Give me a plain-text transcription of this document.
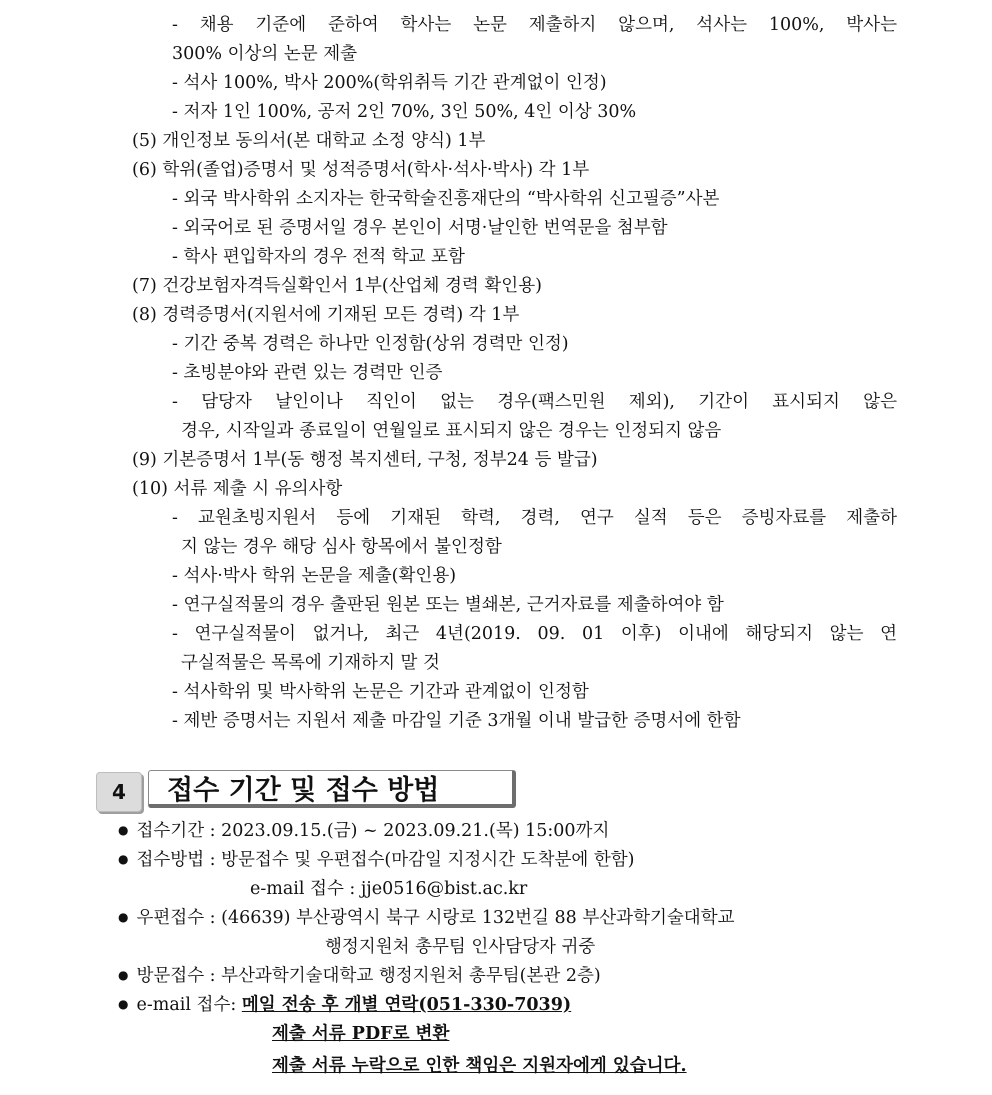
- 채용 기준에 준하여 학사는 논문 제출하지 않으며, 석사는 100%, 박사는
300% 이상의 논문 제출
- 석사 100%, 박사 200%(학위취득 기간 관계없이 인정)
- 저자 1인 100%, 공저 2인 70%, 3인 50%, 4인 이상 30%
(5) 개인정보 동의서(본 대학교 소정 양식) 1부
(6) 학위(졸업)증명서 및 성적증명서(학사·석사·박사) 각 1부
- 외국 박사학위 소지자는 한국학술진흥재단의 “박사학위 신고필증”사본
- 외국어로 된 증명서일 경우 본인이 서명·날인한 번역문을 첨부함
- 학사 편입학자의 경우 전적 학교 포함
(7) 건강보험자격득실확인서 1부(산업체 경력 확인용)
(8) 경력증명서(지원서에 기재된 모든 경력) 각 1부
- 기간 중복 경력은 하나만 인정함(상위 경력만 인정)
- 초빙분야와 관련 있는 경력만 인증
- 담당자 날인이나 직인이 없는 경우(팩스민원 제외), 기간이 표시되지 않은
경우, 시작일과 종료일이 연월일로 표시되지 않은 경우는 인정되지 않음
(9) 기본증명서 1부(동 행정 복지센터, 구청, 정부24 등 발급)
(10) 서류 제출 시 유의사항
- 교원초빙지원서 등에 기재된 학력, 경력, 연구 실적 등은 증빙자료를 제출하
지 않는 경우 해당 심사 항목에서 불인정함
- 석사·박사 학위 논문을 제출(확인용)
- 연구실적물의 경우 출판된 원본 또는 별쇄본, 근거자료를 제출하여야 함
- 연구실적물이 없거나, 최근 4년(2019. 09. 01 이후) 이내에 해당되지 않는 연
구실적물은 목록에 기재하지 말 것
- 석사학위 및 박사학위 논문은 기간과 관계없이 인정함
- 제반 증명서는 지원서 제출 마감일 기준 3개월 이내 발급한 증명서에 한함
4	접수 기간 및 접수 방법
● 접수기간 : 2023.09.15.(금) ~ 2023.09.21.(목) 15:00까지
● 접수방법 : 방문접수 및 우편접수(마감일 지정시간 도착분에 한함)
e-mail 접수 : jje0516@bist.ac.kr
● 우편접수 : (46639) 부산광역시 북구 시랑로 132번길 88 부산과학기술대학교
행정지원처 총무팀 인사담당자 귀중
● 방문접수 : 부산과학기술대학교 행정지원처 총무팀(본관 2층)
● e-mail 접수: 메일 전송 후 개별 연락(051-330-7039)
제출 서류 PDF로 변환
제출 서류 누락으로 인한 책임은 지원자에게 있습니다.
